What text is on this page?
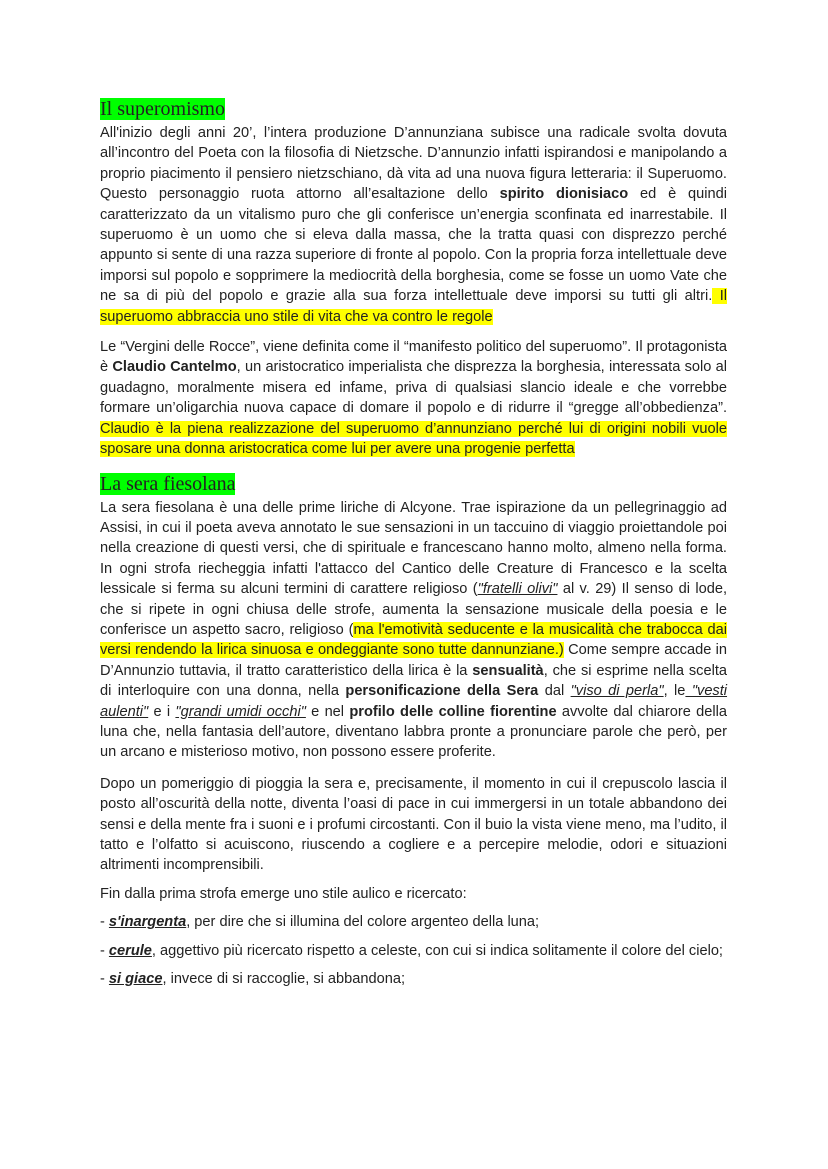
Il superomismo

All'inizio degli anni 20’, l’intera produzione D’annunziana subisce una radicale svolta dovuta all’incontro del Poeta con la filosofia di Nietzsche. D’annunzio infatti ispirandosi e manipolando a proprio piacimento il pensiero nietzschiano, dà vita ad una nuova figura letteraria: il Superuomo. Questo personaggio ruota attorno all’esaltazione dello spirito dionisiaco ed è quindi caratterizzato da un vitalismo puro che gli conferisce un’energia sconfinata ed inarrestabile. Il superuomo è un uomo che si eleva dalla massa, che la tratta quasi con disprezzo perché appunto si sente di una razza superiore di fronte al popolo. Con la propria forza intellettuale deve imporsi sul popolo e sopprimere la mediocrità della borghesia, come se fosse un uomo Vate che ne sa di più del popolo e grazie alla sua forza intellettuale deve imporsi su tutti gli altri. Il superuomo abbraccia uno stile di vita che va contro le regole

Le “Vergini delle Rocce”, viene definita come il “manifesto politico del superuomo”. Il protagonista è Claudio Cantelmo, un aristocratico imperialista che disprezza la borghesia, interessata solo al guadagno, moralmente misera ed infame, priva di qualsiasi slancio ideale e che vorrebbe formare un’oligarchia nuova capace di domare il popolo e di ridurre il “gregge all’obbedienza”. Claudio è la piena realizzazione del superuomo d’annunziano perché lui di origini nobili vuole sposare una donna aristocratica come lui per avere una progenie perfetta

La sera fiesolana

La sera fiesolana è una delle prime liriche di Alcyone. Trae ispirazione da un pellegrinaggio ad Assisi, in cui il poeta aveva annotato le sue sensazioni in un taccuino di viaggio proiettandole poi nella creazione di questi versi, che di spirituale e francescano hanno molto, almeno nella forma. In ogni strofa riecheggia infatti l'attacco del Cantico delle Creature di Francesco e la scelta lessicale si ferma su alcuni termini di carattere religioso ("fratelli olivi" al v. 29) Il senso di lode, che si ripete in ogni chiusa delle strofe, aumenta la sensazione musicale della poesia e le conferisce un aspetto sacro, religioso (ma l'emotività seducente e la musicalità che trabocca dai versi rendendo la lirica sinuosa e ondeggiante sono tutte dannunziane.) Come sempre accade in D’Annunzio tuttavia, il tratto caratteristico della lirica è la sensualità, che si esprime nella scelta di interloquire con una donna, nella personificazione della Sera dal "viso di perla", le "vesti aulenti" e i "grandi umidi occhi" e nel profilo delle colline fiorentine avvolte dal chiarore della luna che, nella fantasia dell’autore, diventano labbra pronte a pronunciare parole che però, per un arcano e misterioso motivo, non possono essere proferite.

Dopo un pomeriggio di pioggia la sera e, precisamente, il momento in cui il crepuscolo lascia il posto all’oscurità della notte, diventa l’oasi di pace in cui immergersi in un totale abbandono dei sensi e della mente fra i suoni e i profumi circostanti. Con il buio la vista viene meno, ma l’udito, il tatto e l’olfatto si acuiscono, riuscendo a cogliere e a percepire melodie, odori e situazioni altrimenti incomprensibili.

Fin dalla prima strofa emerge uno stile aulico e ricercato:

- s'inargenta, per dire che si illumina del colore argenteo della luna;

- cerule, aggettivo più ricercato rispetto a celeste, con cui si indica solitamente il colore del cielo;

- si giace, invece di si raccoglie, si abbandona;
